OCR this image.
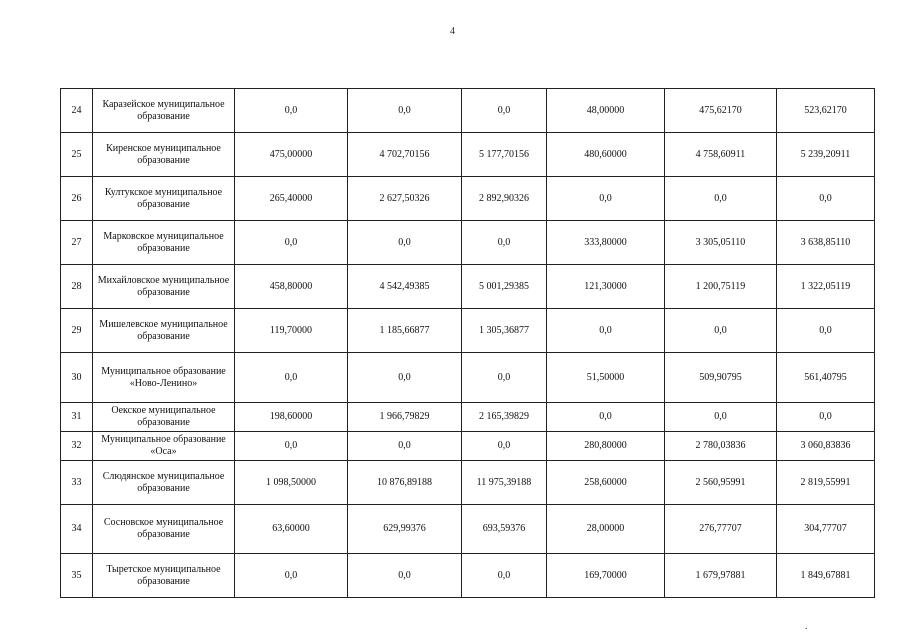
4
24	Каразейское муниципальное образование	0,0	0,0	0,0	48,00000	475,62170	523,62170
25	Киренское муниципальное образование	475,00000	4 702,70156	5 177,70156	480,60000	4 758,60911	5 239,20911
26	Култукское муниципальное образование	265,40000	2 627,50326	2 892,90326	0,0	0,0	0,0
27	Марковское муниципальное образование	0,0	0,0	0,0	333,80000	3 305,05110	3 638,85110
28	Михайловское муниципальное образование	458,80000	4 542,49385	5 001,29385	121,30000	1 200,75119	1 322,05119
29	Мишелевское муниципальное образование	119,70000	1 185,66877	1 305,36877	0,0	0,0	0,0
30	Муниципальное образование «Ново-Ленино»	0,0	0,0	0,0	51,50000	509,90795	561,40795
31	Оекское муниципальное образование	198,60000	1 966,79829	2 165,39829	0,0	0,0	0,0
32	Муниципальное образование «Оса»	0,0	0,0	0,0	280,80000	2 780,03836	3 060,83836
33	Слюдянское муниципальное образование	1 098,50000	10 876,89188	11 975,39188	258,60000	2 560,95991	2 819,55991
34	Сосновское муниципальное образование	63,60000	629,99376	693,59376	28,00000	276,77707	304,77707
35	Тыретское муниципальное образование	0,0	0,0	0,0	169,70000	1 679,97881	1 849,67881
.
